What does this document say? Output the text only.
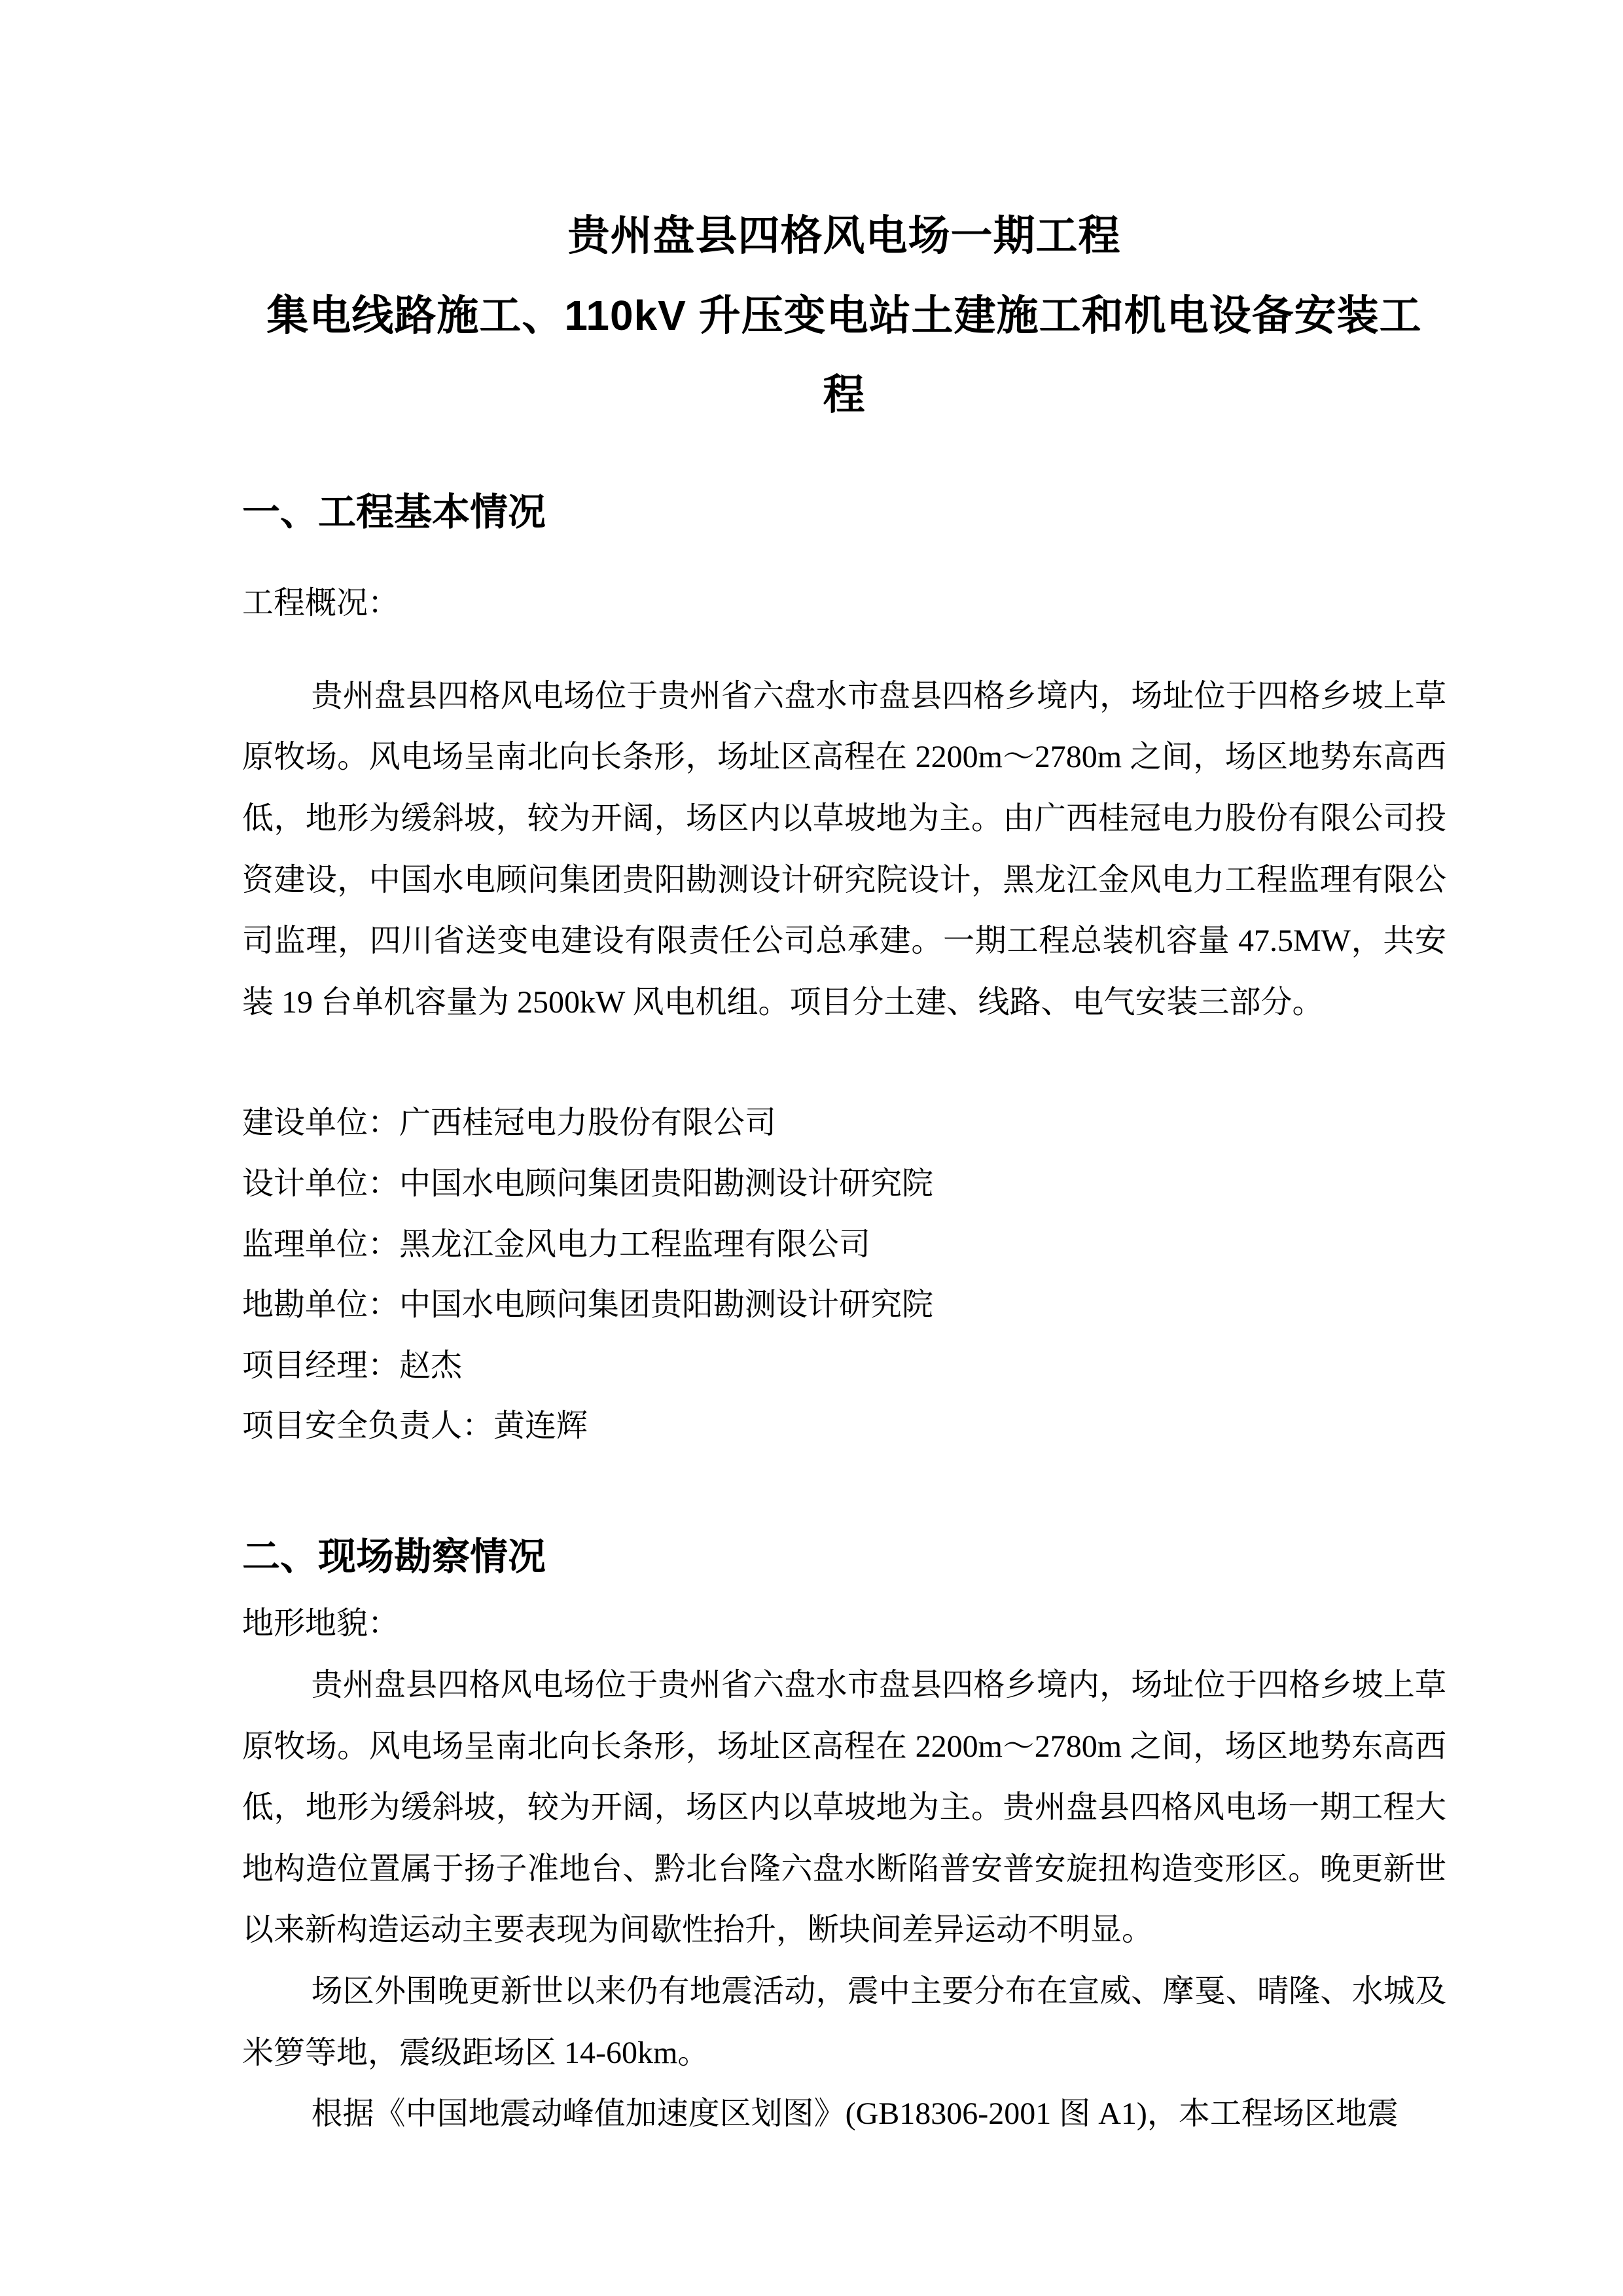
贵州盘县四格风电场一期工程
集电线路施工、110kV 升压变电站土建施工和机电设备安装工
程
一、工程基本情况
工程概况：

贵州盘县四格风电场位于贵州省六盘水市盘县四格乡境内，场址位于四格乡坡上草原牧场。风电场呈南北向长条形，场址区高程在 2200m～2780m 之间，场区地势东高西低，地形为缓斜坡，较为开阔，场区内以草坡地为主。由广西桂冠电力股份有限公司投资建设，中国水电顾问集团贵阳勘测设计研究院设计，黑龙江金风电力工程监理有限公司监理，四川省送变电建设有限责任公司总承建。一期工程总装机容量 47.5MW，共安装 19 台单机容量为 2500kW 风电机组。项目分土建、线路、电气安装三部分。

建设单位：广西桂冠电力股份有限公司
设计单位：中国水电顾问集团贵阳勘测设计研究院
监理单位：黑龙江金风电力工程监理有限公司
地勘单位：中国水电顾问集团贵阳勘测设计研究院
项目经理：赵杰
项目安全负责人：黄连辉
二、现场勘察情况
地形地貌：

贵州盘县四格风电场位于贵州省六盘水市盘县四格乡境内，场址位于四格乡坡上草原牧场。风电场呈南北向长条形，场址区高程在 2200m～2780m 之间，场区地势东高西低，地形为缓斜坡，较为开阔，场区内以草坡地为主。贵州盘县四格风电场一期工程大地构造位置属于扬子准地台、黔北台隆六盘水断陷普安普安旋扭构造变形区。晚更新世以来新构造运动主要表现为间歇性抬升，断块间差异运动不明显。

场区外围晚更新世以来仍有地震活动，震中主要分布在宣威、摩戛、晴隆、水城及米箩等地，震级距场区 14-60km。

根据《中国地震动峰值加速度区划图》(GB18306-2001 图 A1)，本工程场区地震
